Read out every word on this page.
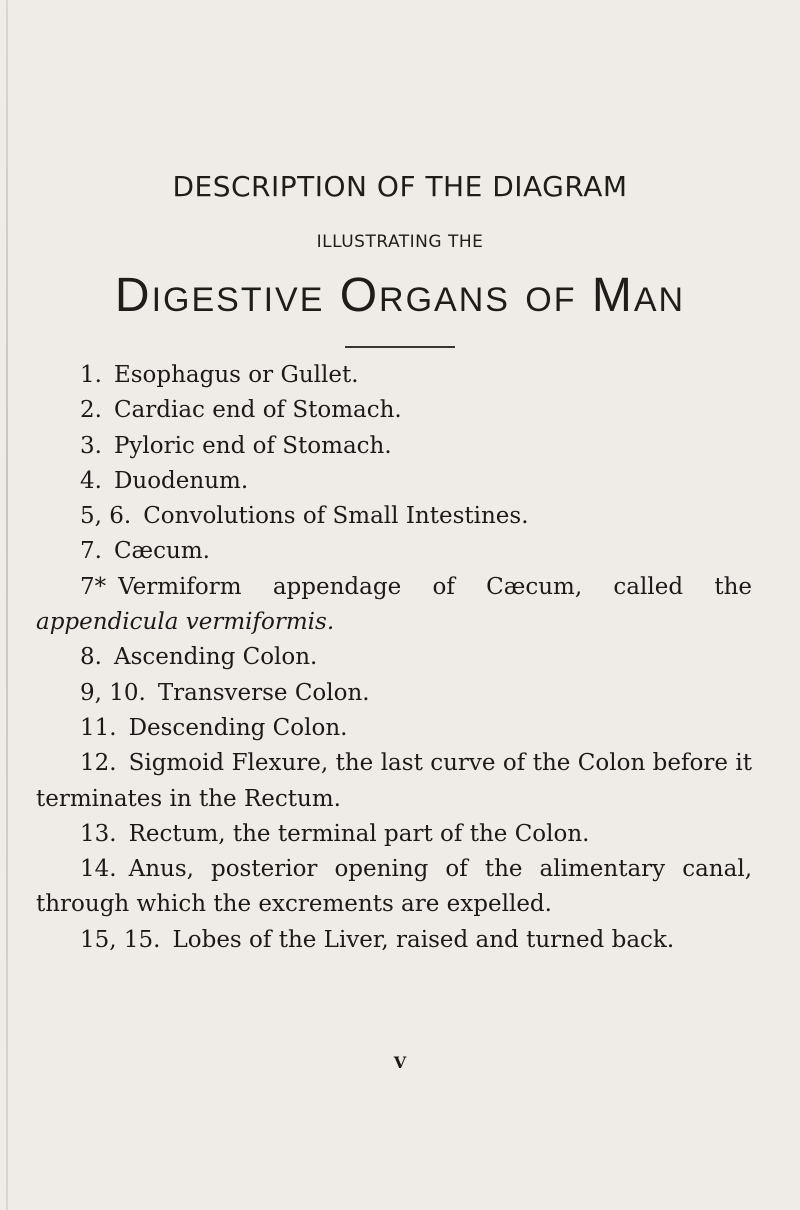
DESCRIPTION OF THE DIAGRAM
ILLUSTRATING THE
Digestive Organs of Man

1. Esophagus or Gullet.

2. Cardiac end of Stomach.

3. Pyloric end of Stomach.

4. Duodenum.

5, 6. Convolutions of Small Intestines.

7. Cæcum.

7* Vermiform appendage of Cæcum, called the appendicula vermiformis.

8. Ascending Colon.

9, 10. Transverse Colon.

11. Descending Colon.

12. Sigmoid Flexure, the last curve of the Colon before it terminates in the Rectum.

13. Rectum, the terminal part of the Colon.

14. Anus, posterior opening of the alimentary canal, through which the excrements are expelled.

15, 15. Lobes of the Liver, raised and turned back.

V
